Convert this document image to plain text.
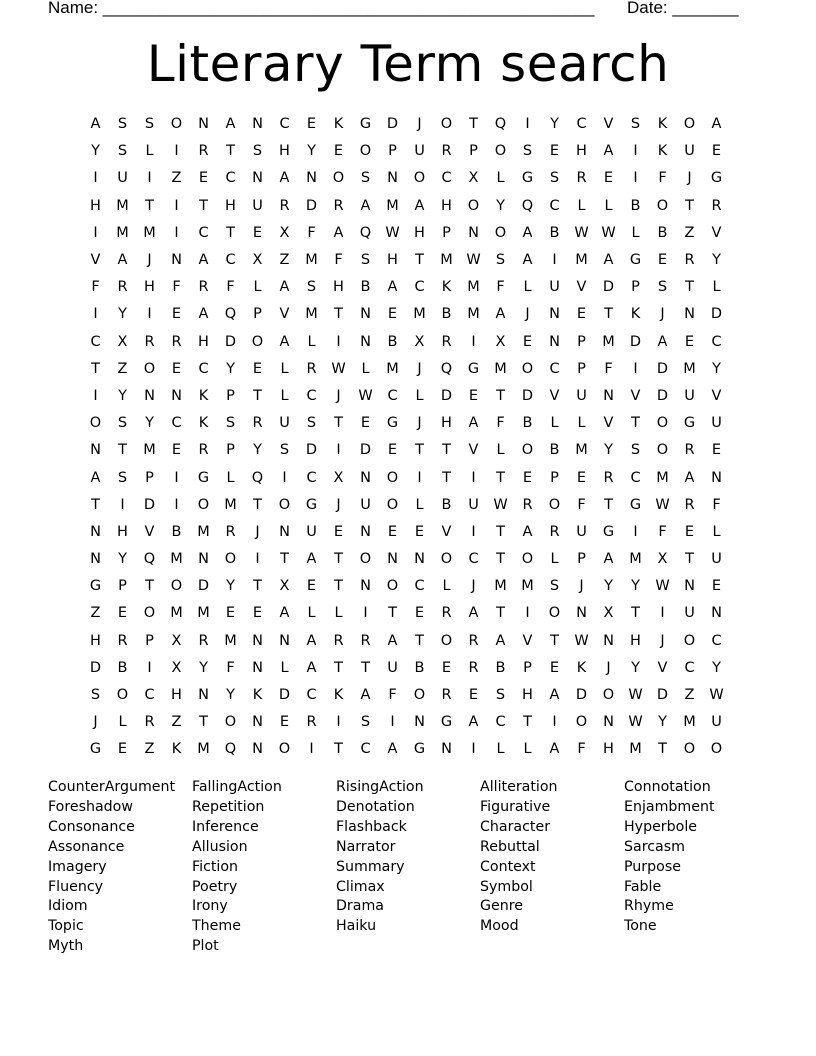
Name: ____________________________________________________ Date: _______
Literary Term search
A	S	S	O	N	A	N	C	E	K	G	D	J	O	T	Q	I	Y	C	V	S	K	O	A
Y	S	L	I	R	T	S	H	Y	E	O	P	U	R	P	O	S	E	H	A	I	K	U	E
I	U	I	Z	E	C	N	A	N	O	S	N	O	C	X	L	G	S	R	E	I	F	J	G
H	M	T	I	T	H	U	R	D	R	A	M	A	H	O	Y	Q	C	L	L	B	O	T	R
I	M M	I	C	T	E	X	F	A	Q W H	P	N	O	A	B	W W	L	B	Z	V
V	A	J	N	A	C	X	Z	M	F	S	H	T	M W	S	A	I	M	A	G	E	R	Y
F	R	H	F	R	F	L	A	S	H	B	A	C	K	M	F	L	U	V	D	P	S	T	L
I	Y	I	E	A	Q	P	V	M	T	N	E	M	B	M	A	J	N	E	T	K	J	N	D
C	X	R	R	H	D	O	A	L	I	N	B	X	R	I	X	E	N	P	M	D	A	E	C
T	Z	O	E	C	Y	E	L	R	W	L	M	J	Q	G	M	O	C	P	F	I	D	M	Y
I	Y	N	N	K	P	T	L	C	J	W	C	L	D	E	T	D	V	U	N	V	D	U	V
O	S	Y	C	K	S	R	U	S	T	E	G	J	H	A	F	B	L	L	V	T	O	G	U
N	T	M	E	R	P	Y	S	D	I	D	E	T	T	V	L	O	B	M	Y	S	O	R	E
A	S	P	I	G	L	Q	I	C	X	N	O	I	T	I	T	E	P	E	R	C	M	A	N
T	I	D	I	O	M	T	O	G	J	U	O	L	B	U	W	R	O	F	T	G W	R	F
N	H	V	B	M	R	J	N	U	E	N	E	E	V	I	T	A	R	U	G	I	F	E	L
N	Y	Q	M	N	O	I	T	A	T	O	N	N	O	C	T	O	L	P	A	M	X	T	U
G	P	T	O	D	Y	T	X	E	T	N	O	C	L	J	M M	S	J	Y	Y	W N	E
Z	E	O	M M	E	E	A	L	L	I	T	E	R	A	T	I	O	N	X	T	I	U	N
H	R	P	X	R	M	N	N	A	R	R	A	T	O	R	A	V	T	W N	H	J	O	C
D	B	I	X	Y	F	N	L	A	T	T	U	B	E	R	B	P	E	K	J	Y	V	C	Y
S	O	C	H	N	Y	K	D	C	K	A	F	O	R	E	S	H	A	D	O W D	Z	W
J	L	R	Z	T	O	N	E	R	I	S	I	N	G	A	C	T	I	O	N W	Y	M	U
G	E	Z	K	M	Q	N	O	I	T	C	A	G	N	I	L	L	A	F	H	M	T	O	O
CounterArgument
Foreshadow
Consonance
Assonance
Imagery
Fluency
Idiom
Topic
Myth
FallingAction
Repetition
Inference
Allusion
Fiction
Poetry
Irony
Theme
Plot
RisingAction
Denotation
Flashback
Narrator
Summary
Climax
Drama
Haiku
Alliteration
Figurative
Character
Rebuttal
Context
Symbol
Genre
Mood
Connotation
Enjambment
Hyperbole
Sarcasm
Purpose
Fable
Rhyme
Tone
